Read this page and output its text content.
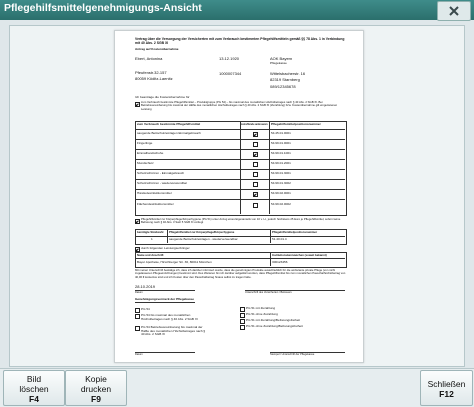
Pflegehilfsmittelgenehmigungs-Ansicht
Vertrag über die Versorgung der Versicherten mit zum Verbrauch bestimmten Pflegehilfsmitteln gemäß §§ 78 Abs. 1 in Verbindung mit 40 Abs. 2 SGB XI
Antrag auf Kostenübernahme
Ebert, Antonina	13.12.1920	AOK Bayern
Pflegekasse
Pfeufenstr.32-157	1000007344
80059 Köditz-Laenitz
Wittelsbacherstr. 16
82319 Starnberg
089/12345678
Ich beantrage die Kostenübernahme für
zum Verbrauch bestimmte Pflegehilfsmittel – Produktgruppe (PG 54) – bis maximal des monatlichen Höchstbetrages nach § 40 Abs. 2 SGB XI. Bei Betriebsvereinbarung bis maximal der Hälfte des monatlichen Höchstbetrages nach § 40 Abs. 2 SGB XI (Zuzahlung) bzw. Kostenübernahme gilt eingetretenen Leistung
zum Verbrauch bestimmte Pflegehilfsmittel	zutreffende ankreuzen Pflegehilfsmittelpositionsnummer
saugende Bettschutzeinlagen Einmalgebrauch	54.45.01.0001
Fingerlinge	54.99.01.0001
Einmalhandschuhe	54.99.01.1001
Mundschutz	54.99.01.2001
Schutzschürzen - Einmalgebrauch	54.99.01.3001
Schutzschürzen - wiederverwendbar	54.99.01.3002
Händedesinfektionsmittel	54.99.02.0001
Flächendesinfektionsmittel	54.99.02.0002
Pflegehilfsmittel zur Körperpflege/Körperhygiene (PG 51) unter Anzug eines Eigenanteils von 10 v. H., jedoch höchstens 25 Euro je Pflegehilfsmittel, sofern keine Befreiung nach § 40 Abs. 3 Satz 5 SGB XI vorliegt
benötigte Stückzahl Pflegehilfsmittel zur Körperpflege/Körperhygiene	Pflegehilfsmittelpositionsnummer
1	saugende Bettschutzeinlagen - wiederverwendbar	51.40.01.4
durch folgenden Leistungserbringer
Name und Anschrift	Institutionskennzeichen (soweit bekannt)
Bayer Apotheke, Hirschberger Str. 36, 80011 München	300123456
Mit meiner Unterschrift bestätige ich, dass ich darüber informiert wurde, dass die genehmigten Produkte ausschließlich für die ambulante private Pflege (von nicht zugelassenen Pflegeeinrichtungen) bestimmt sind. Des Weiteren bin ich darüber aufgeklärt worden, dass Pflegehilfsmittel bis zum monatlichen Pauschalhöchstbetrag von 40,00 € kostenlos sind und ich Kosten über den Pauschalbetrag hinaus selbst zu tragen habe.
28.10.2019
Datum	Unterschrift des Versicherten / Betreuers
Genehmigungsvermerk der Pflegekasse
PG 54
PG 54 bis maximal des monatlichen Höchstbetrages nach § 40 Abs. 2 SGB XI
PG 54 Betriebsvereinbarung bis maximal der Hälfte des monatlichen Höchstbetrages nach § 40 Abs. 2 SGB XI
PG 51 mit Zuzahlung
PG 51 ohne Zuzahlung
PG 51 mit Zuzahlung/Befreiungsfreiheit
PG 51 ohne Zuzahlung/Befreiungsfreiheit
Datum	Stempel / Unterschrift der Pflegekasse
Bild
löschen
F4
Kopie
drucken
F9
Schließen
F12
